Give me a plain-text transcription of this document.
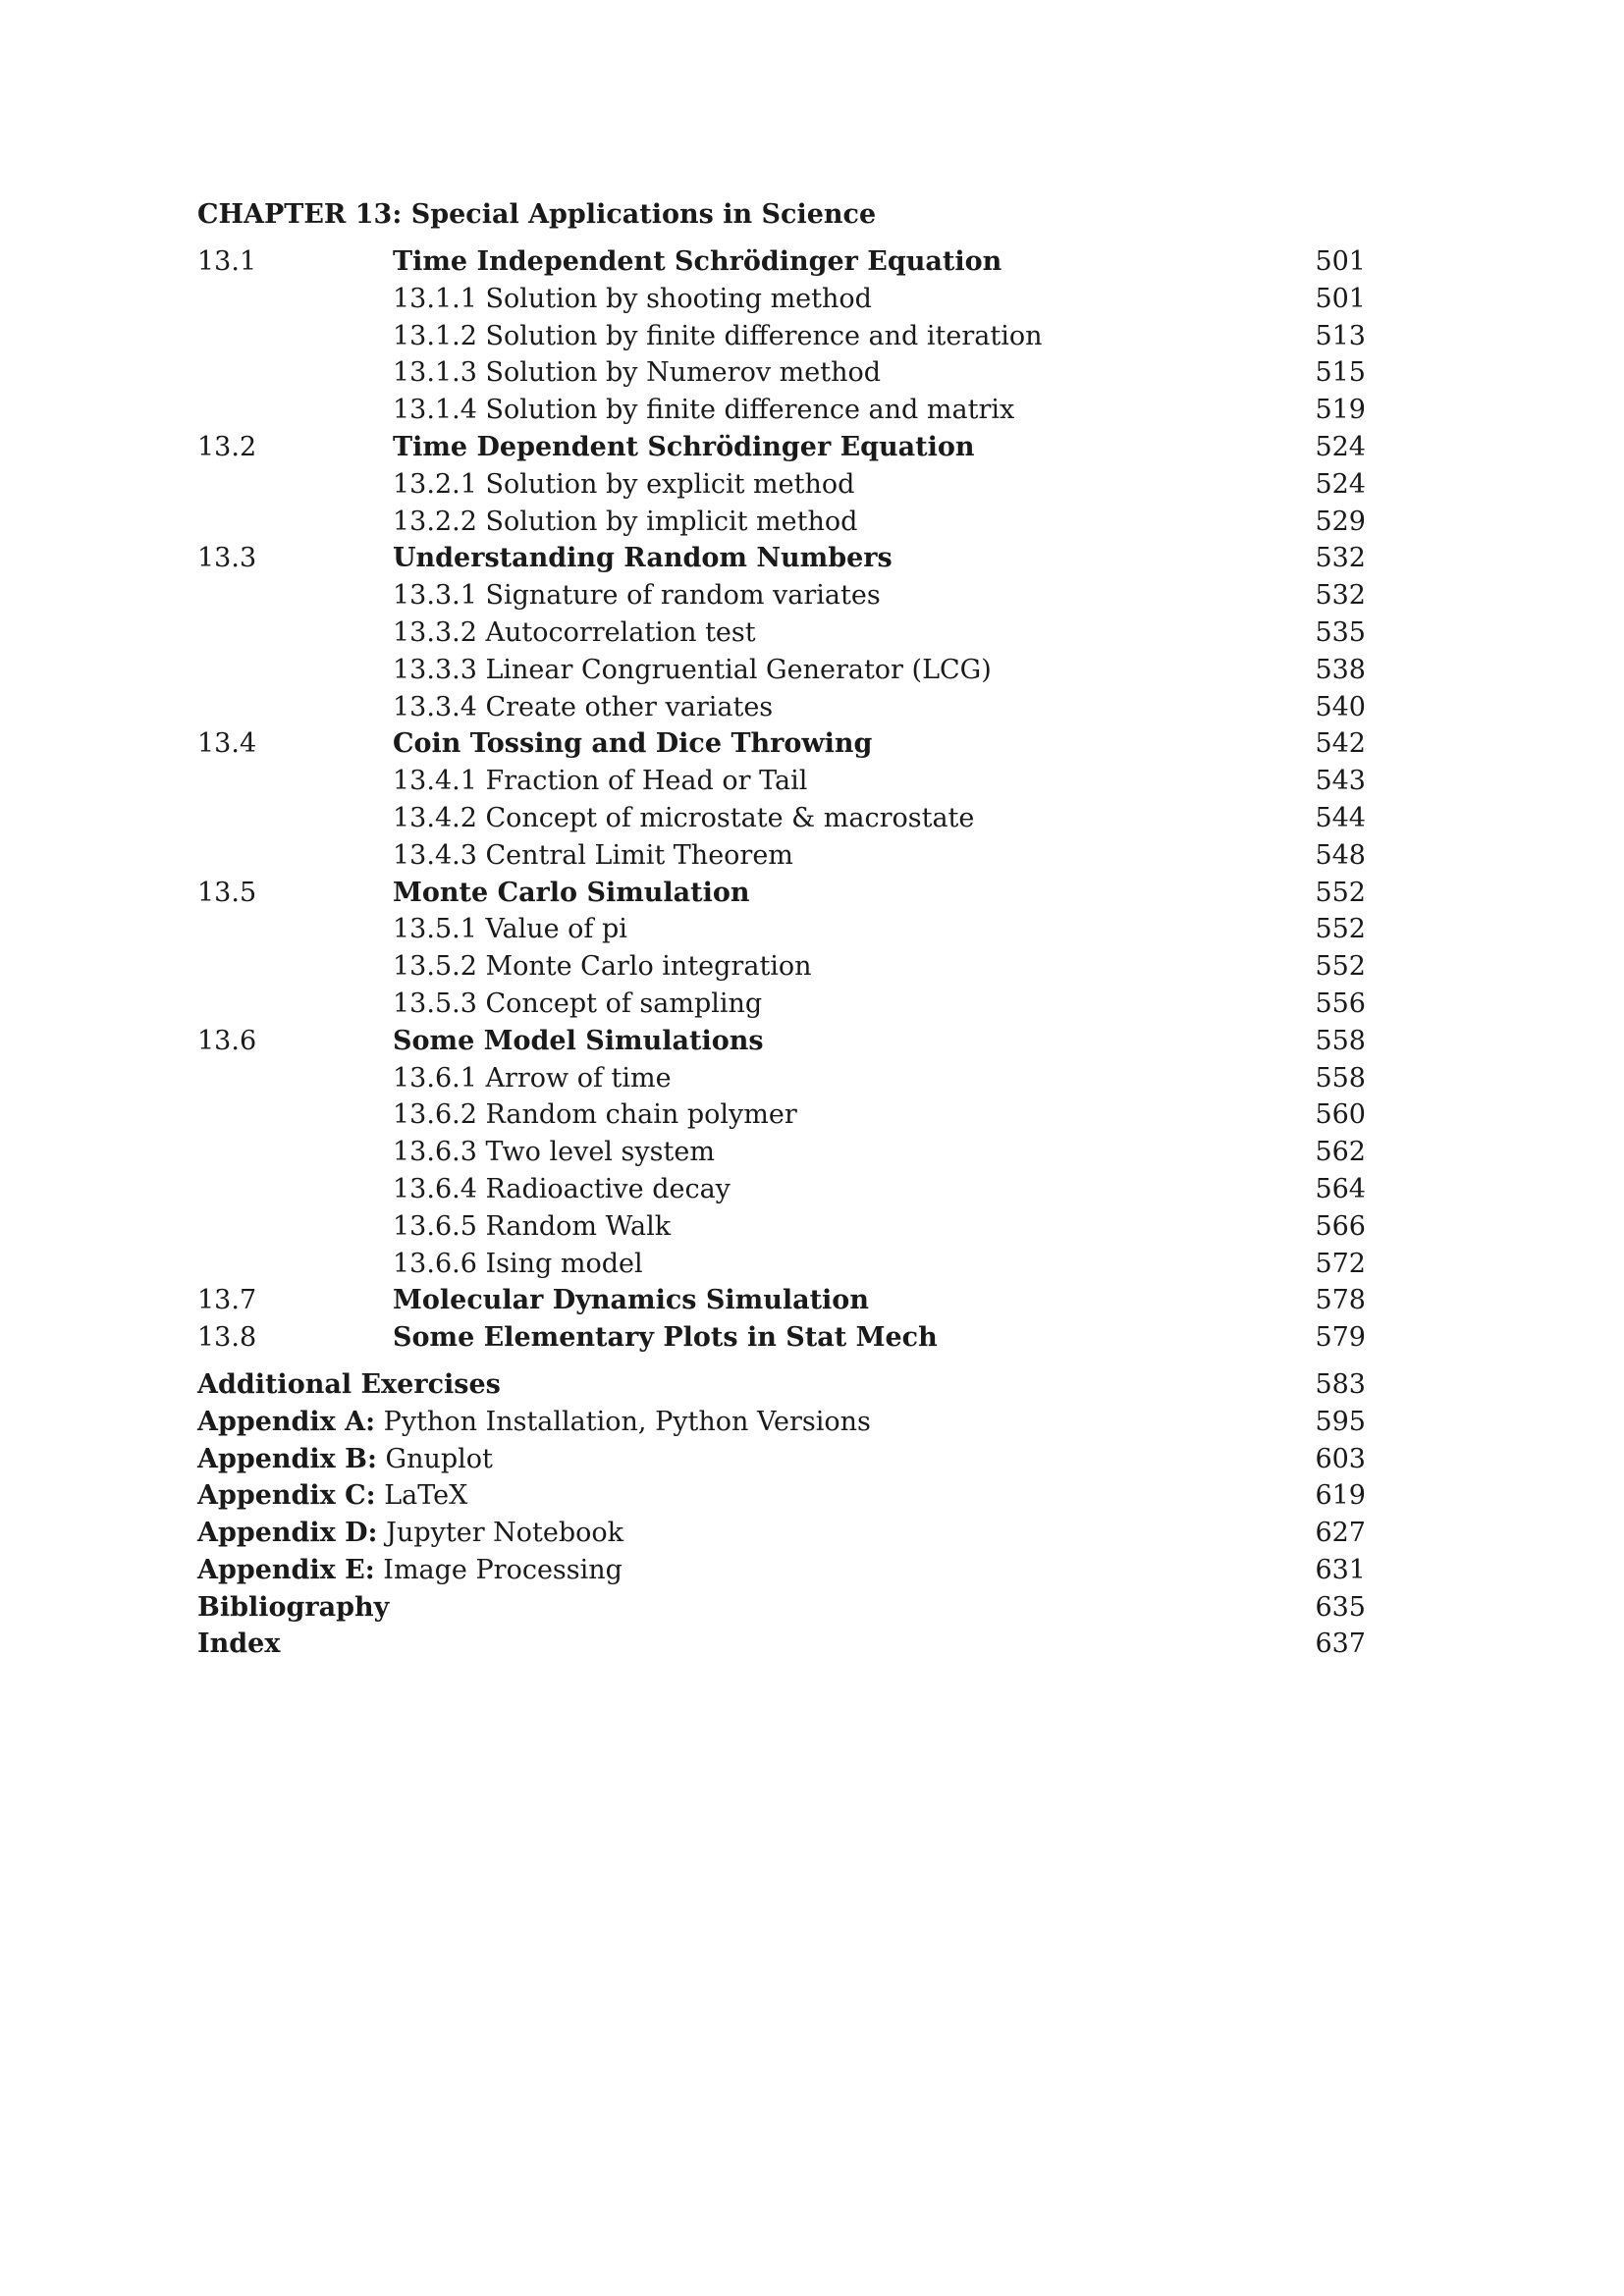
CHAPTER 13: Special Applications in Science
13.1	Time Independent Schrödinger Equation	501
13.1.1 Solution by shooting method	501
13.1.2 Solution by finite difference and iteration	513
13.1.3 Solution by Numerov method	515
13.1.4 Solution by finite difference and matrix	519
13.2	Time Dependent Schrödinger Equation	524
13.2.1 Solution by explicit method	524
13.2.2 Solution by implicit method	529
13.3	Understanding Random Numbers	532
13.3.1 Signature of random variates	532
13.3.2 Autocorrelation test	535
13.3.3 Linear Congruential Generator (LCG)	538
13.3.4 Create other variates	540
13.4	Coin Tossing and Dice Throwing	542
13.4.1 Fraction of Head or Tail	543
13.4.2 Concept of microstate & macrostate	544
13.4.3 Central Limit Theorem	548
13.5	Monte Carlo Simulation	552
13.5.1 Value of pi	552
13.5.2 Monte Carlo integration	552
13.5.3 Concept of sampling	556
13.6	Some Model Simulations	558
13.6.1 Arrow of time	558
13.6.2 Random chain polymer	560
13.6.3 Two level system	562
13.6.4 Radioactive decay	564
13.6.5 Random Walk	566
13.6.6 Ising model	572
13.7	Molecular Dynamics Simulation	578
13.8	Some Elementary Plots in Stat Mech	579
Additional Exercises	583
Appendix A: Python Installation, Python Versions	595
Appendix B: Gnuplot	603
Appendix C: LaTeX	619
Appendix D: Jupyter Notebook	627
Appendix E: Image Processing	631
Bibliography	635
Index	637
